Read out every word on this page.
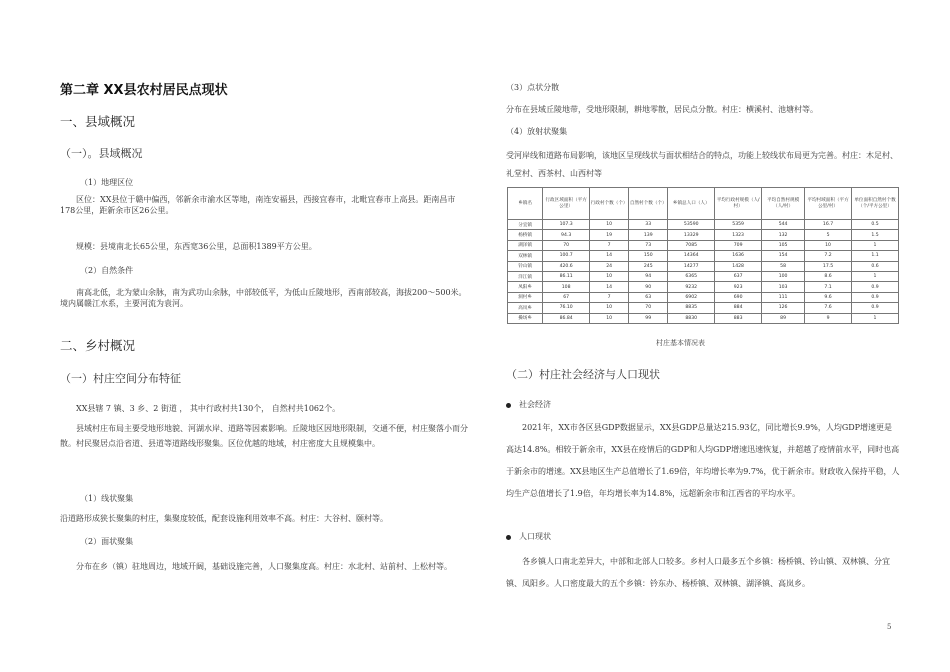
第二章 XX县农村居民点现状
一、县域概况
（一）。县域概况
（1）地理区位
区位：XX县位于赣中偏西，邻新余市渝水区等地，南连安福县，西接宜春市，北毗宜春市上高县。距南昌市178公里，距新余市区26公里。
规模：县境南北长65公里，东西宽36公里，总面积1389平方公里。
（2）自然条件
南高北低，北为蒙山余脉，南为武功山余脉，中部较低平，为低山丘陵地形，西南部较高，海拔200～500米。境内属赣江水系，主要河流为袁河。
二、乡村概况
（一）村庄空间分布特征
XX县辖 7 镇、3 乡、2 街道 ， 其中行政村共130个， 自然村共1062个。
县域村庄布局主要受地形地貌、河湖水岸、道路等因素影响。丘陵地区因地形限制，交通不便，村庄聚落小而分散。村民聚居点沿省道、县道等道路线形聚集。区位优越的地域，村庄密度大且规模集中。
（1）线状聚集
沿道路形成狭长聚集的村庄，集聚度较低，配套设施利用效率不高。村庄：大谷村、颐村等。
（2）面状聚集
分布在乡（镇）驻地周边，地域开阔，基础设施完善，人口聚集度高。村庄：水北村、站前村、上松村等。
（3）点状分散
分布在县域丘陵地带，受地形限制，耕地零散，居民点分散。村庄：横溪村、池塘村等。
（4）放射状聚集
受河岸线和道路布局影响，该地区呈现线状与面状相结合的特点，功能上较线状布局更为完善。村庄：木足村、礼堂村、西茶村、山西村等
乡镇名	行政区域面积（平方公里）	行政村个数（个）	自然村个数（个）	乡镇总人口（人）	平均行政村规模（人/村）	平均自然村规模（人/村）	平均村域面积（平方公里/村）	单位面积自然村个数（个/平方公里）
分宜镇	107.3	10	33	53590	5359	544	16.7	0.5
杨桥镇	94.3	19	139	13329	1323	132	5	1.5
湖泽镇	70	7	73	7085	709	105	10	1
双林镇	100.7	14	150	14364	1636	154	7.2	1.1
钤山镇	420.6	24	245	14277	1428	58	17.5	0.6
洋江镇	86.11	10	94	6365	637	100	8.6	1
凤阳乡	108	14	90	9232	923	103	7.1	0.9
洞村乡	67	7	63	6902	690	111	9.6	0.9
高岚乡	76.10	10	70	8835	884	126	7.6	0.9
操场乡	86.84	10	99	8830	883	89	9	1
村庄基本情况表
（二）村庄社会经济与人口现状
社会经济
2021年，XX市各区县GDP数据显示，XX县GDP总量达215.93亿，同比增长9.9%，人均GDP增速更是高达14.8%。相较于新余市，XX县在疫情后的GDP和人均GDP增速迅速恢复，并超越了疫情前水平，同时也高于新余市的增速。XX县地区生产总值增长了1.69倍，年均增长率为9.7%，优于新余市。财政收入保持平稳，人均生产总值增长了1.9倍，年均增长率为14.8%，远超新余市和江西省的平均水平。
人口现状
各乡镇人口南北差异大，中部和北部人口较多。乡村人口最多五个乡镇：杨桥镇、钤山镇、双林镇、分宜镇、凤阳乡。人口密度最大的五个乡镇：钤东办、杨桥镇、双林镇、湖泽镇、高岚乡。
5
